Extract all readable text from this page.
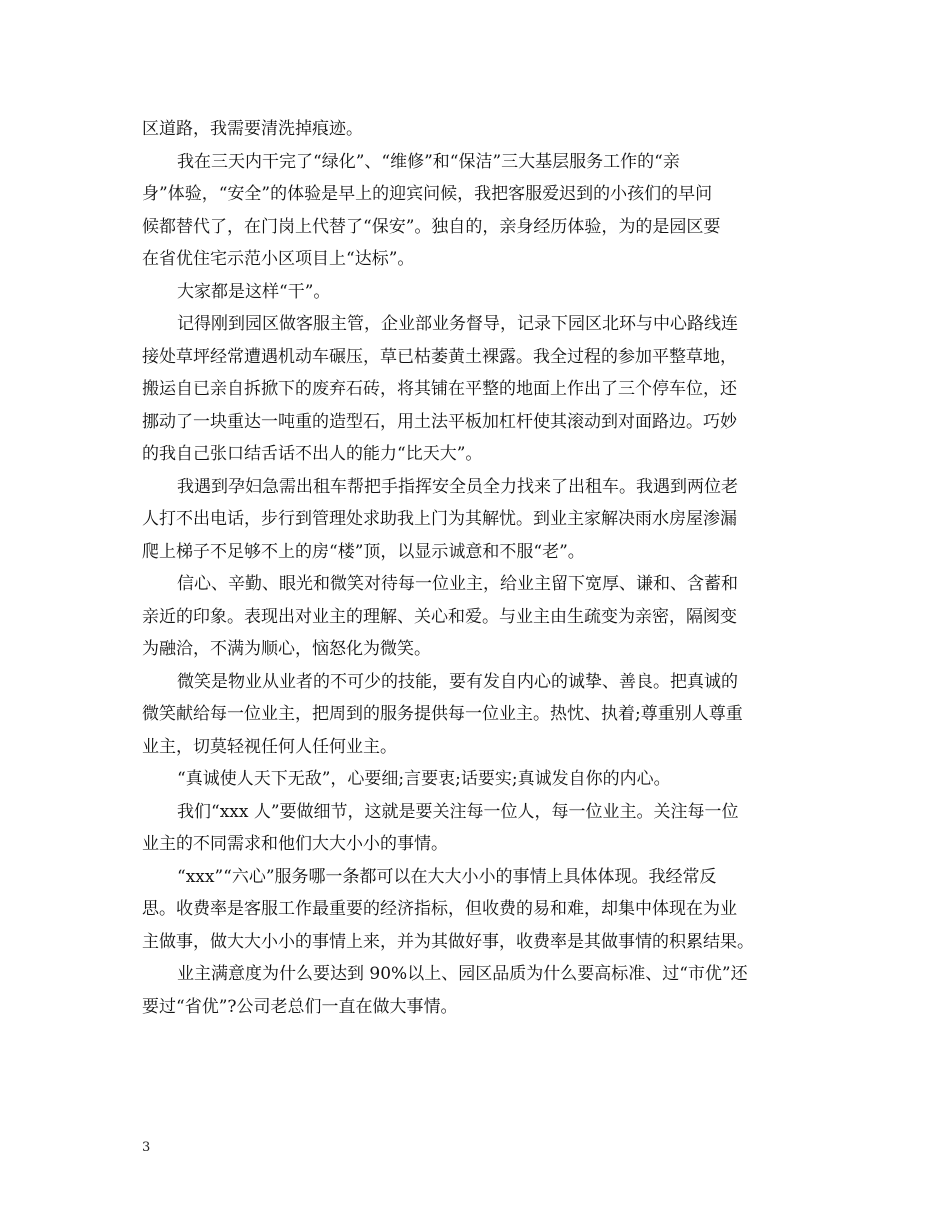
区道路，我需要清洗掉痕迹。
我在三天内干完了“绿化”、“维修”和“保洁”三大基层服务工作的“亲
身”体验，“安全”的体验是早上的迎宾问候，我把客服爱迟到的小孩们的早问
候都替代了，在门岗上代替了“保安”。独自的，亲身经历体验，为的是园区要
在省优住宅示范小区项目上“达标”。
大家都是这样“干”。
记得刚到园区做客服主管，企业部业务督导，记录下园区北环与中心路线连
接处草坪经常遭遇机动车碾压，草已枯萎黄土裸露。我全过程的参加平整草地，
搬运自已亲自拆掀下的废弃石砖，将其铺在平整的地面上作出了三个停车位，还
挪动了一块重达一吨重的造型石，用土法平板加杠杆使其滚动到对面路边。巧妙
的我自己张口结舌话不出人的能力“比天大”。
我遇到孕妇急需出租车帮把手指挥安全员全力找来了出租车。我遇到两位老
人打不出电话，步行到管理处求助我上门为其解忧。到业主家解决雨水房屋渗漏
爬上梯子不足够不上的房“楼”顶，以显示诚意和不服“老”。
信心、辛勤、眼光和微笑对待每一位业主，给业主留下宽厚、谦和、含蓄和
亲近的印象。表现出对业主的理解、关心和爱。与业主由生疏变为亲密，隔阂变
为融洽，不满为顺心，恼怒化为微笑。
微笑是物业从业者的不可少的技能，要有发自内心的诚挚、善良。把真诚的
微笑献给每一位业主，把周到的服务提供每一位业主。热忱、执着;尊重别人尊重
业主，切莫轻视任何人任何业主。
“真诚使人天下无敌”，心要细;言要衷;话要实;真诚发自你的内心。
我们“xxx 人”要做细节，这就是要关注每一位人，每一位业主。关注每一位
业主的不同需求和他们大大小小的事情。
“xxx”“六心”服务哪一条都可以在大大小小的事情上具体体现。我经常反
思。收费率是客服工作最重要的经济指标，但收费的易和难，却集中体现在为业
主做事，做大大小小的事情上来，并为其做好事，收费率是其做事情的积累结果。
业主满意度为什么要达到 90%以上、园区品质为什么要高标准、过“市优”还
要过“省优”?公司老总们一直在做大事情。
3
